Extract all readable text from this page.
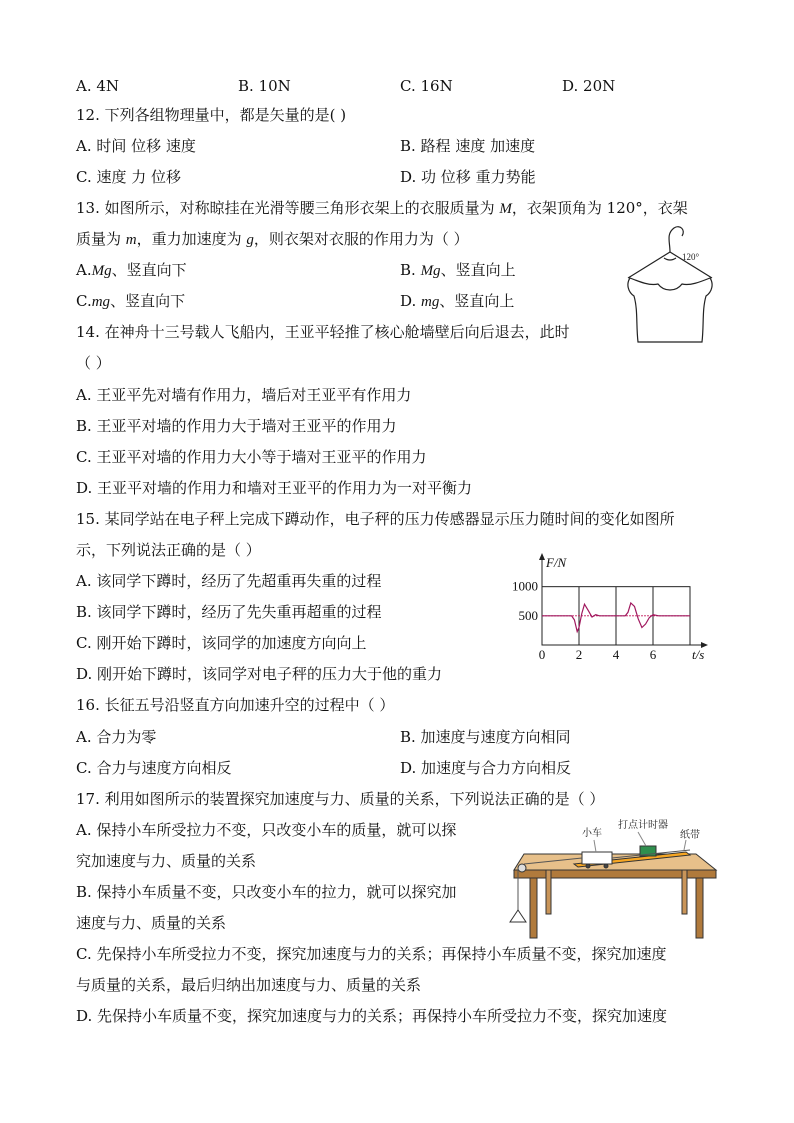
A. 4N	B. 10N	C. 16N	D. 20N
12. 下列各组物理量中，都是矢量的是( )
A. 时间 位移 速度	B. 路程 速度 加速度
C. 速度 力 位移	D. 功 位移 重力势能
13. 如图所示，对称晾挂在光滑等腰三角形衣架上的衣服质量为 M，衣架顶角为 120°，衣架
质量为 m，重力加速度为 g，则衣架对衣服的作用力为（ ）
A.Mg、竖直向下	B. Mg、竖直向上
C.mg、竖直向下	D. mg、竖直向上
120°
14. 在神舟十三号载人飞船内，王亚平轻推了核心舱墙壁后向后退去，此时
（ ）
A. 王亚平先对墙有作用力，墙后对王亚平有作用力
B. 王亚平对墙的作用力大于墙对王亚平的作用力
C. 王亚平对墙的作用力大小等于墙对王亚平的作用力
D. 王亚平对墙的作用力和墙对王亚平的作用力为一对平衡力
15. 某同学站在电子秤上完成下蹲动作，电子秤的压力传感器显示压力随时间的变化如图所
示，下列说法正确的是（ ）
A. 该同学下蹲时，经历了先超重再失重的过程
B. 该同学下蹲时，经历了先失重再超重的过程
C. 刚开始下蹲时，该同学的加速度方向向上
D. 刚开始下蹲时，该同学对电子秤的压力大于他的重力
0 2 4 6
500
1000
F/N
t/s
16. 长征五号沿竖直方向加速升空的过程中（ ）
A. 合力为零	B. 加速度与速度方向相同
C. 合力与速度方向相反	D. 加速度与合力方向相反
17. 利用如图所示的装置探究加速度与力、质量的关系，下列说法正确的是（ ）
A. 保持小车所受拉力不变，只改变小车的质量，就可以探
究加速度与力、质量的关系
B. 保持小车质量不变，只改变小车的拉力，就可以探究加
速度与力、质量的关系
C. 先保持小车所受拉力不变，探究加速度与力的关系；再保持小车质量不变，探究加速度
与质量的关系，最后归纳出加速度与力、质量的关系
D. 先保持小车质量不变，探究加速度与力的关系；再保持小车所受拉力不变，探究加速度
小车
打点计时器
纸带
